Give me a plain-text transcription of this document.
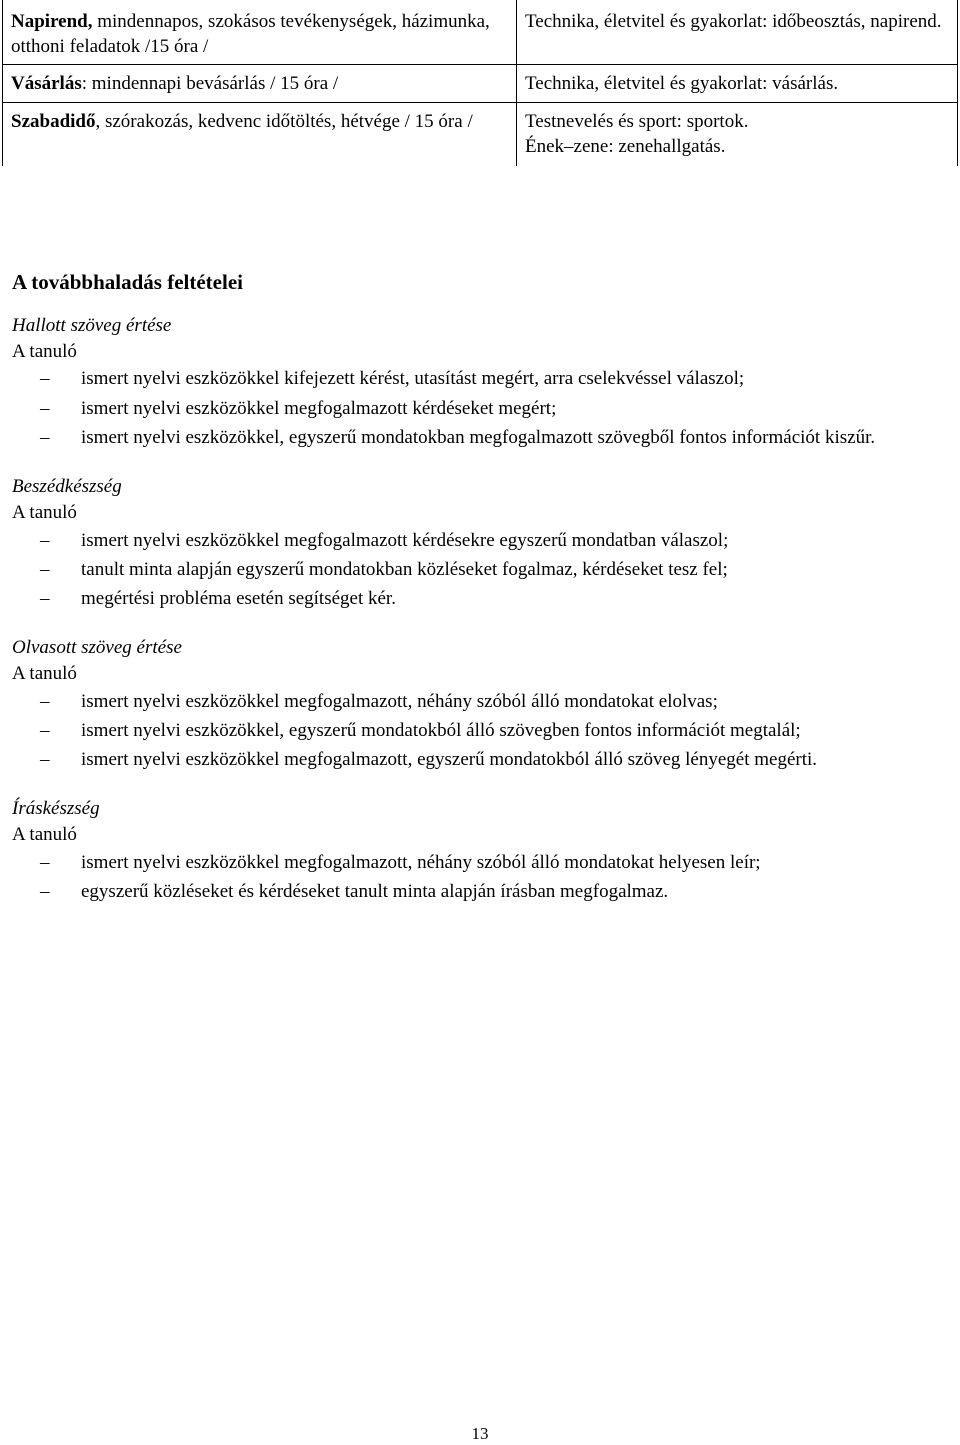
Napirend, mindennapos, szokásos tevékenységek, házimunka, otthoni feladatok /15 óra /	Technika, életvitel és gyakorlat: időbeosztás, napirend.

Vásárlás: mindennapi bevásárlás / 15 óra /	Technika, életvitel és gyakorlat: vásárlás.

Szabadidő, szórakozás, kedvenc időtöltés, hétvége / 15 óra /	Testnevelés és sport: sportok.
Ének–zene: zenehallgatás.
A továbbhaladás feltételei
Hallott szöveg értése
A tanuló
– ismert nyelvi eszközökkel kifejezett kérést, utasítást megért, arra cselekvéssel válaszol;
– ismert nyelvi eszközökkel megfogalmazott kérdéseket megért;
– ismert nyelvi eszközökkel, egyszerű mondatokban megfogalmazott szövegből fontos információt kiszűr.
Beszédkészség
A tanuló
– ismert nyelvi eszközökkel megfogalmazott kérdésekre egyszerű mondatban válaszol;
– tanult minta alapján egyszerű mondatokban közléseket fogalmaz, kérdéseket tesz fel;
– megértési probléma esetén segítséget kér.
Olvasott szöveg értése
A tanuló
– ismert nyelvi eszközökkel megfogalmazott, néhány szóból álló mondatokat elolvas;
– ismert nyelvi eszközökkel, egyszerű mondatokból álló szövegben fontos információt megtalál;
– ismert nyelvi eszközökkel megfogalmazott, egyszerű mondatokból álló szöveg lényegét megérti.
Íráskészség
A tanuló
– ismert nyelvi eszközökkel megfogalmazott, néhány szóból álló mondatokat helyesen leír;
– egyszerű közléseket és kérdéseket tanult minta alapján írásban megfogalmaz.
13
